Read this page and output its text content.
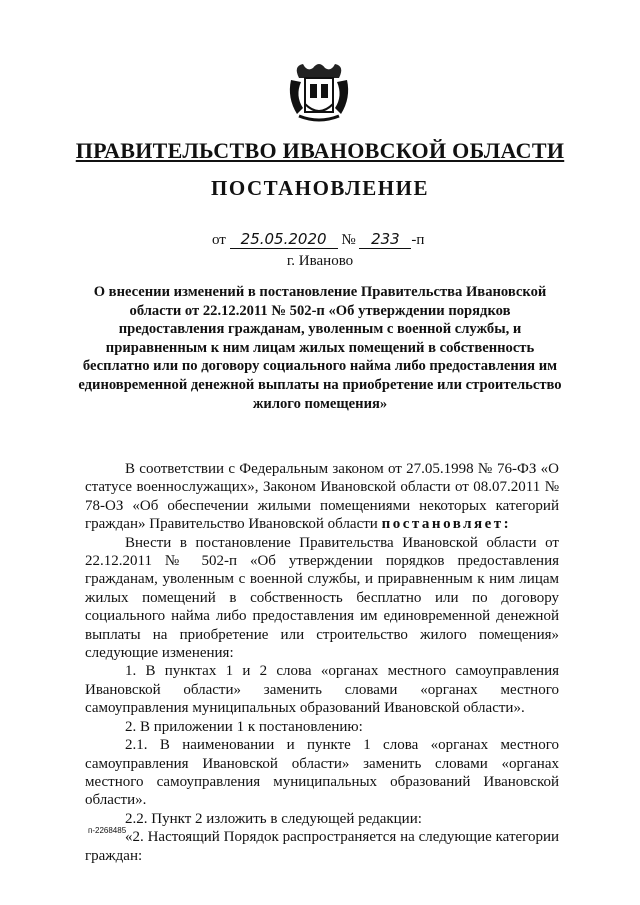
ПРАВИТЕЛЬСТВО ИВАНОВСКОЙ ОБЛАСТИ
ПОСТАНОВЛЕНИЕ
от 25.05.2020 № 233 -п
г. Иваново
О внесении изменений в постановление Правительства Ивановской области от 22.12.2011 № 502-п «Об утверждении порядков предоставления гражданам, уволенным с военной службы, и приравненным к ним лицам жилых помещений в собственность бесплатно или по договору социального найма либо предоставления им единовременной денежной выплаты на приобретение или строительство жилого помещения»

В соответствии с Федеральным законом от 27.05.1998 № 76-ФЗ «О статусе военнослужащих», Законом Ивановской области от 08.07.2011 № 78-ОЗ «Об обеспечении жилыми помещениями некоторых категорий граждан» Правительство Ивановской области постановляет:

Внести в постановление Правительства Ивановской области от 22.12.2011 № 502-п «Об утверждении порядков предоставления гражданам, уволенным с военной службы, и приравненным к ним лицам жилых помещений в собственность бесплатно или по договору социального найма либо предоставления им единовременной денежной выплаты на приобретение или строительство жилого помещения» следующие изменения:

1. В пунктах 1 и 2 слова «органах местного самоуправления Ивановской области» заменить словами «органах местного самоуправления муниципальных образований Ивановской области».

2. В приложении 1 к постановлению:

2.1. В наименовании и пункте 1 слова «органах местного самоуправления Ивановской области» заменить словами «органах местного самоуправления муниципальных образований Ивановской области».

2.2. Пункт 2 изложить в следующей редакции:

«2. Настоящий Порядок распространяется на следующие категории граждан:

п-2268485
